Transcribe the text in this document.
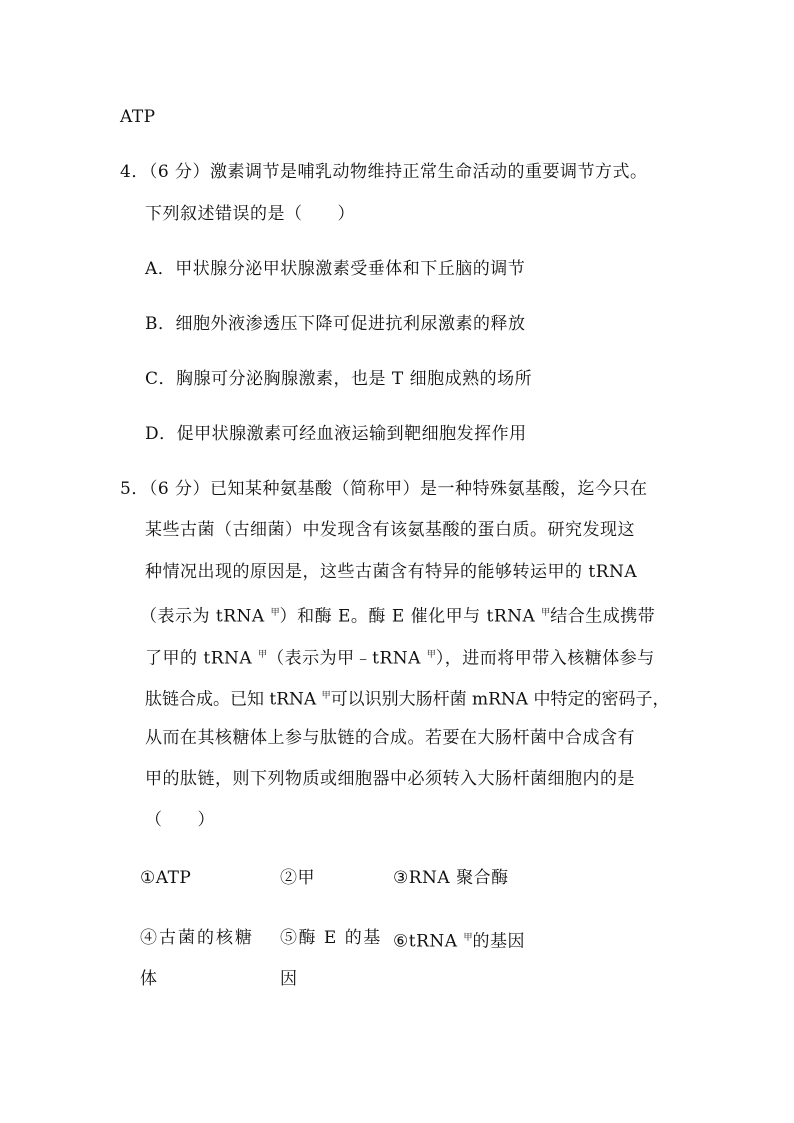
ATP
4．（6 分）激素调节是哺乳动物维持正常生命活动的重要调节方式。
下列叙述错误的是（　　）
A．甲状腺分泌甲状腺激素受垂体和下丘脑的调节
B．细胞外液渗透压下降可促进抗利尿激素的释放
C．胸腺可分泌胸腺激素，也是 T 细胞成熟的场所
D．促甲状腺激素可经血液运输到靶细胞发挥作用
5．（6 分）已知某种氨基酸（简称甲）是一种特殊氨基酸，迄今只在
某些古菌（古细菌）中发现含有该氨基酸的蛋白质。研究发现这
种情况出现的原因是，这些古菌含有特异的能够转运甲的 tRNA
（表示为 tRNA $^甲$）和酶 E。酶 E 催化甲与 tRNA $^甲$结合生成携带
了甲的 tRNA $^甲$（表示为甲﹣tRNA $^甲$），进而将甲带入核糖体参与
肽链合成。已知 tRNA $^甲$可以识别大肠杆菌 mRNA 中特定的密码子，
从而在其核糖体上参与肽链的合成。若要在大肠杆菌中合成含有
甲的肽链，则下列物质或细胞器中必须转入大肠杆菌细胞内的是
（　　）
①ATP	②甲	③RNA 聚合酶
④古菌的核糖
体
⑤酶 E 的基
因
⑥tRNA $^甲$的基因
